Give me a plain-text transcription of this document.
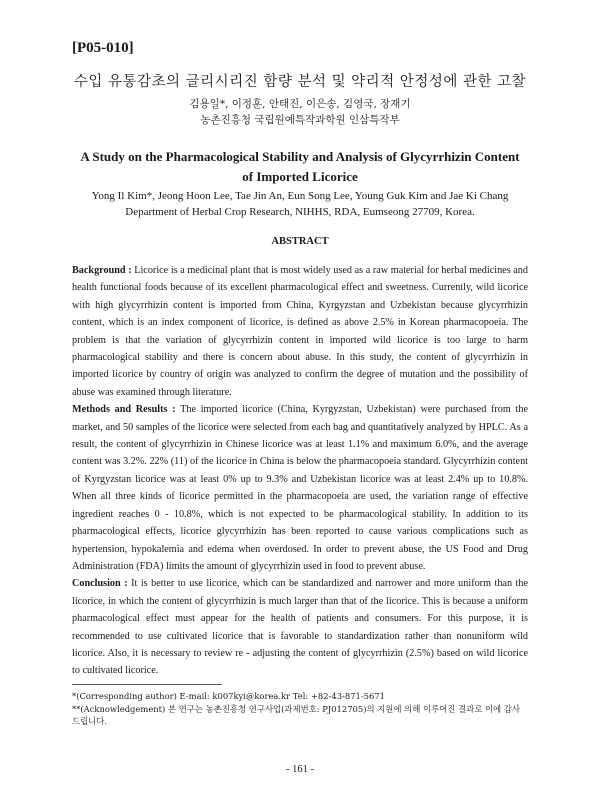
[P05-010]
수입 유통감초의 글리시리진 함량 분석 및 약리적 안정성에 관한 고찰
김용일*, 이정훈, 안태진, 이은송, 김영국, 장재기
농촌진흥청 국립원예특작과학원 인삼특작부
A Study on the Pharmacological Stability and Analysis of Glycyrrhizin Content
of Imported Licorice
Yong Il Kim*, Jeong Hoon Lee, Tae Jin An, Eun Song Lee, Young Guk Kim and Jae Ki Chang
Department of Herbal Crop Research, NIHHS, RDA, Eumseong 27709, Korea.
ABSTRACT

Background : Licorice is a medicinal plant that is most widely used as a raw material for herbal medicines and health functional foods because of its excellent pharmacological effect and sweetness. Currently, wild licorice with high glycyrrhizin content is imported from China, Kyrgyzstan and Uzbekistan because glycyrrhizin content, which is an index component of licorice, is defined as above 2.5% in Korean pharmacopoeia. The problem is that the variation of glycyrrhizin content in imported wild licorice is too large to harm pharmacological stability and there is concern about abuse. In this study, the content of glycyrrhizin in imported licorice by country of origin was analyzed to confirm the degree of mutation and the possibility of abuse was examined through literature.

Methods and Results : The imported licorice (China, Kyrgyzstan, Uzbekistan) were purchased from the market, and 50 samples of the licorice were selected from each bag and quantitatively analyzed by HPLC. As a result, the content of glycyrrhizin in Chinese licorice was at least 1.1% and maximum 6.0%, and the average content was 3.2%. 22% (11) of the licorice in China is below the pharmacopoeia standard. Glycyrrhizin content of Kyrgyzstan licorice was at least 0% up to 9.3% and Uzbekistan licorice was at least 2.4% up to 10.8%. When all three kinds of licorice permitted in the pharmacopoeia are used, the variation range of effective ingredient reaches 0 - 10.8%, which is not expected to be pharmacological stability. In addition to its pharmacological effects, licorice glycyrrhizin has been reported to cause various complications such as hypertension, hypokalemia and edema when overdosed. In order to prevent abuse, the US Food and Drug Administration (FDA) limits the amount of glycyrrhizin used in food to prevent abuse.

Conclusion : It is better to use licorice, which can be standardized and narrower and more uniform than the licorice, in which the content of glycyrrhizin is much larger than that of the licorice. This is because a uniform pharmacological effect must appear for the health of patients and consumers. For this purpose, it is recommended to use cultivated licorice that is favorable to standardization rather than nonuniform wild licorice. Also, it is necessary to review re - adjusting the content of glycyrrhizin (2.5%) based on wild licorice to cultivated licorice.

*(Corresponding author) E-mail: k007kyi@korea.kr Tel: +82-43-871-5671
**(Acknowledgement) 본 연구는 농촌진흥청 연구사업(과제번호: PJ012705)의 지원에 의해 이루어진 결과로 이에 감사드립니다.
- 161 -
